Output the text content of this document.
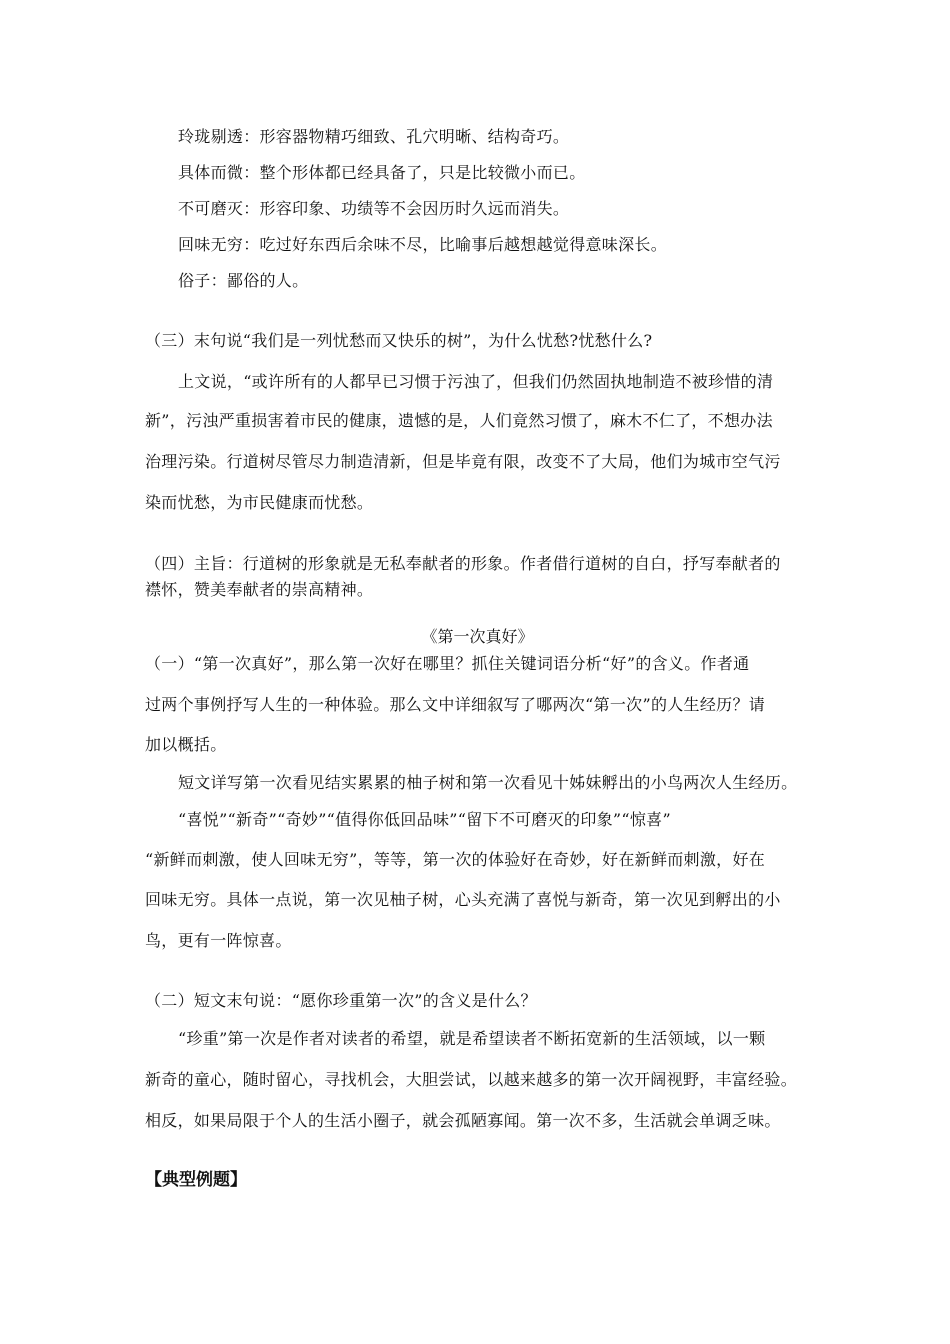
玲珑剔透：形容器物精巧细致、孔穴明晰、结构奇巧。
具体而微：整个形体都已经具备了，只是比较微小而已。
不可磨灭：形容印象、功绩等不会因历时久远而消失。
回味无穷：吃过好东西后余味不尽，比喻事后越想越觉得意味深长。
俗子：鄙俗的人。
（三）末句说“我们是一列忧愁而又快乐的树”，为什么忧愁?忧愁什么?
上文说，“或许所有的人都早已习惯于污浊了，但我们仍然固执地制造不被珍惜的清
新”，污浊严重损害着市民的健康，遗憾的是，人们竟然习惯了，麻木不仁了，不想办法
治理污染。行道树尽管尽力制造清新，但是毕竟有限，改变不了大局，他们为城市空气污
染而忧愁，为市民健康而忧愁。
（四）主旨：行道树的形象就是无私奉献者的形象。作者借行道树的自白，抒写奉献者的
襟怀，赞美奉献者的崇高精神。
《第一次真好》
（一）“第一次真好”，那么第一次好在哪里？抓住关键词语分析“好”的含义。作者通
过两个事例抒写人生的一种体验。那么文中详细叙写了哪两次“第一次”的人生经历？请
加以概括。
短文详写第一次看见结实累累的柚子树和第一次看见十姊妹孵出的小鸟两次人生经历。
“喜悦”“新奇”“奇妙”“值得你低回品味”“留下不可磨灭的印象”“惊喜”
“新鲜而刺激，使人回味无穷”，等等，第一次的体验好在奇妙，好在新鲜而刺激，好在
回味无穷。具体一点说，第一次见柚子树，心头充满了喜悦与新奇，第一次见到孵出的小
鸟，更有一阵惊喜。
（二）短文末句说：“愿你珍重第一次”的含义是什么？
“珍重”第一次是作者对读者的希望，就是希望读者不断拓宽新的生活领域，以一颗
新奇的童心，随时留心，寻找机会，大胆尝试，以越来越多的第一次开阔视野，丰富经验。
相反，如果局限于个人的生活小圈子，就会孤陋寡闻。第一次不多，生活就会单调乏味。
【典型例题】
